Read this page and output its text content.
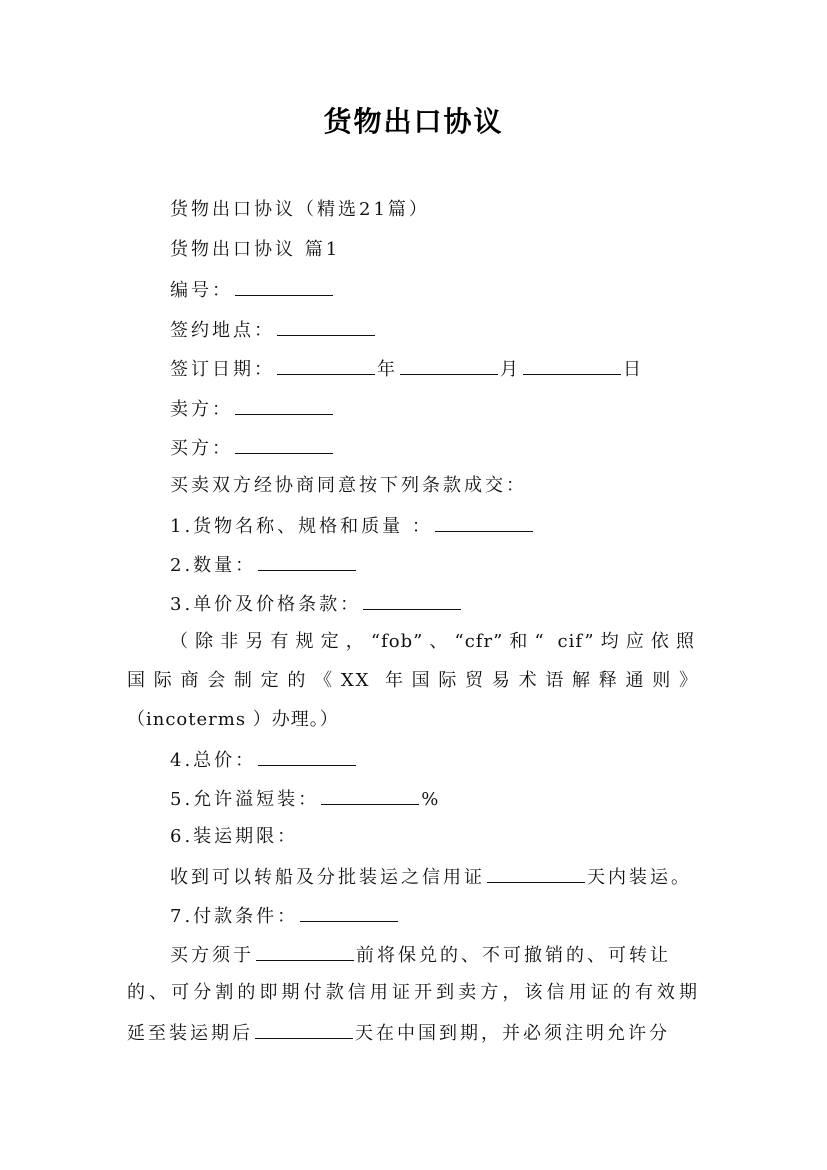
货物出口协议
货物出口协议（精选21篇）
货物出口协议 篇1
编号：
签约地点：
签订日期：	年	月	日
卖方：
买方：
买卖双方经协商同意按下列条款成交：
1.货物名称、规格和质量 ：
2.数量：
3.单价及价格条款：
（除非另有规定，“fob”、“cfr”和“ cif”均应依照
国际商会制定的《XX 年国际贸易术语解释通则》
（incoterms ）办理。）
4.总价：
5.允许溢短装：	%
6.装运期限：
收到可以转船及分批装运之信用证	天内装运。
7.付款条件：
买方须于	前将保兑的、不可撤销的、可转让
的、可分割的即期付款信用证开到卖方，该信用证的有效期
延至装运期后	天在中国到期，并必须注明允许分
